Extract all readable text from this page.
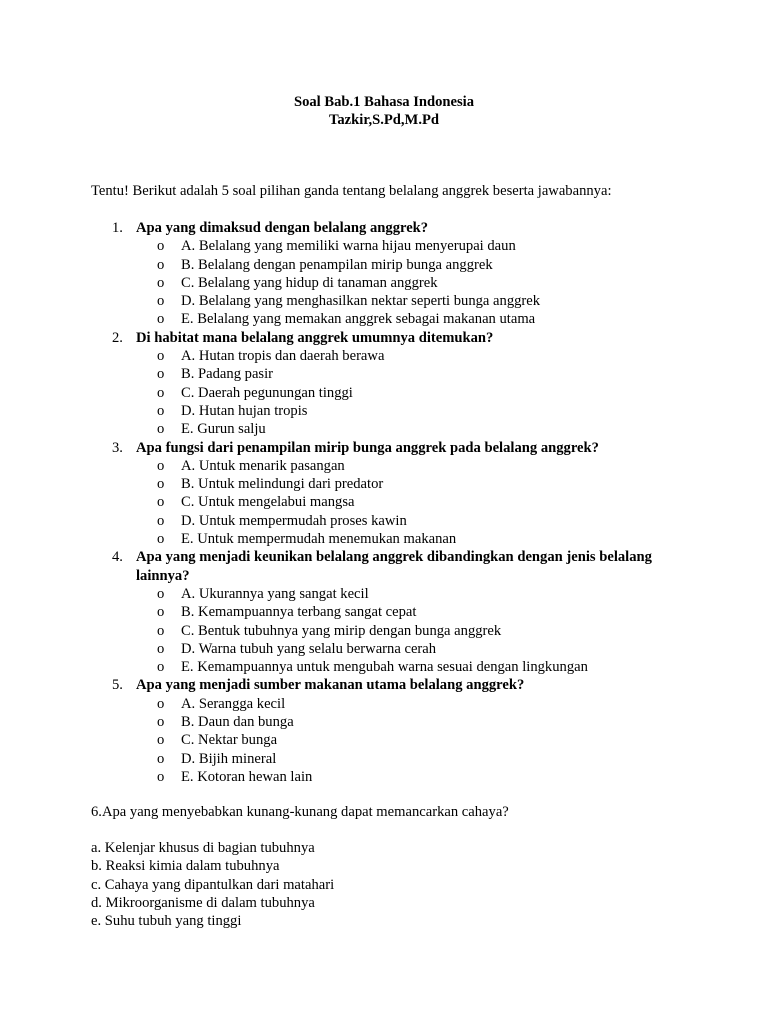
Soal Bab.1 Bahasa Indonesia
Tazkir,S.Pd,M.Pd
Tentu! Berikut adalah 5 soal pilihan ganda tentang belalang anggrek beserta jawabannya:
1. Apa yang dimaksud dengan belalang anggrek?
o A. Belalang yang memiliki warna hijau menyerupai daun
o B. Belalang dengan penampilan mirip bunga anggrek
o C. Belalang yang hidup di tanaman anggrek
o D. Belalang yang menghasilkan nektar seperti bunga anggrek
o E. Belalang yang memakan anggrek sebagai makanan utama
2. Di habitat mana belalang anggrek umumnya ditemukan?
o A. Hutan tropis dan daerah berawa
o B. Padang pasir
o C. Daerah pegunungan tinggi
o D. Hutan hujan tropis
o E. Gurun salju
3. Apa fungsi dari penampilan mirip bunga anggrek pada belalang anggrek?
o A. Untuk menarik pasangan
o B. Untuk melindungi dari predator
o C. Untuk mengelabui mangsa
o D. Untuk mempermudah proses kawin
o E. Untuk mempermudah menemukan makanan
4. Apa yang menjadi keunikan belalang anggrek dibandingkan dengan jenis belalang lainnya?
o A. Ukurannya yang sangat kecil
o B. Kemampuannya terbang sangat cepat
o C. Bentuk tubuhnya yang mirip dengan bunga anggrek
o D. Warna tubuh yang selalu berwarna cerah
o E. Kemampuannya untuk mengubah warna sesuai dengan lingkungan
5. Apa yang menjadi sumber makanan utama belalang anggrek?
o A. Serangga kecil
o B. Daun dan bunga
o C. Nektar bunga
o D. Bijih mineral
o E. Kotoran hewan lain
6.Apa yang menyebabkan kunang-kunang dapat memancarkan cahaya?
a. Kelenjar khusus di bagian tubuhnya
b. Reaksi kimia dalam tubuhnya
c. Cahaya yang dipantulkan dari matahari
d. Mikroorganisme di dalam tubuhnya
e. Suhu tubuh yang tinggi
